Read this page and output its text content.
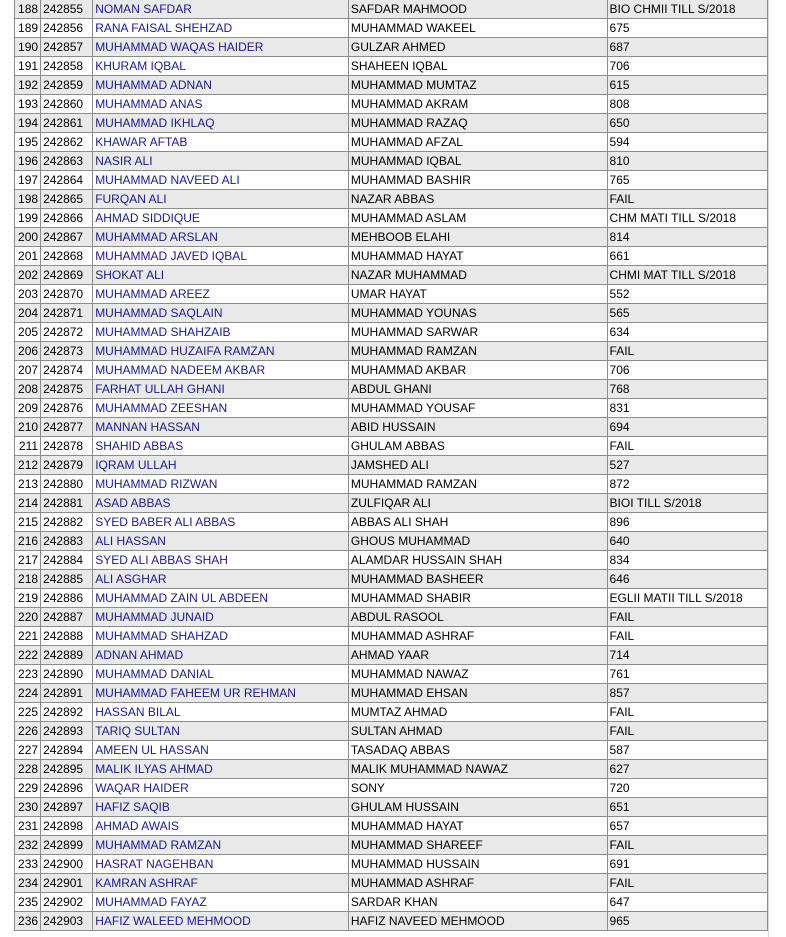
188	242855	NOMAN SAFDAR	SAFDAR MAHMOOD	BIO CHMII TILL S/2018
189	242856	RANA FAISAL SHEHZAD	MUHAMMAD WAKEEL	675
190	242857	MUHAMMAD WAQAS HAIDER	GULZAR AHMED	687
191	242858	KHURAM IQBAL	SHAHEEN IQBAL	706
192	242859	MUHAMMAD ADNAN	MUHAMMAD MUMTAZ	615
193	242860	MUHAMMAD ANAS	MUHAMMAD AKRAM	808
194	242861	MUHAMMAD IKHLAQ	MUHAMMAD RAZAQ	650
195	242862	KHAWAR AFTAB	MUHAMMAD AFZAL	594
196	242863	NASIR ALI	MUHAMMAD IQBAL	810
197	242864	MUHAMMAD NAVEED ALI	MUHAMMAD BASHIR	765
198	242865	FURQAN ALI	NAZAR ABBAS	FAIL
199	242866	AHMAD SIDDIQUE	MUHAMMAD ASLAM	CHM MATI TILL S/2018
200	242867	MUHAMMAD ARSLAN	MEHBOOB ELAHI	814
201	242868	MUHAMMAD JAVED IQBAL	MUHAMMAD HAYAT	661
202	242869	SHOKAT ALI	NAZAR MUHAMMAD	CHMI MAT TILL S/2018
203	242870	MUHAMMAD AREEZ	UMAR HAYAT	552
204	242871	MUHAMMAD SAQLAIN	MUHAMMAD YOUNAS	565
205	242872	MUHAMMAD SHAHZAIB	MUHAMMAD SARWAR	634
206	242873	MUHAMMAD HUZAIFA RAMZAN	MUHAMMAD RAMZAN	FAIL
207	242874	MUHAMMAD NADEEM AKBAR	MUHAMMAD AKBAR	706
208	242875	FARHAT ULLAH GHANI	ABDUL GHANI	768
209	242876	MUHAMMAD ZEESHAN	MUHAMMAD YOUSAF	831
210	242877	MANNAN HASSAN	ABID HUSSAIN	694
211	242878	SHAHID ABBAS	GHULAM ABBAS	FAIL
212	242879	IQRAM ULLAH	JAMSHED ALI	527
213	242880	MUHAMMAD RIZWAN	MUHAMMAD RAMZAN	872
214	242881	ASAD ABBAS	ZULFIQAR ALI	BIOI TILL S/2018
215	242882	SYED BABER ALI ABBAS	ABBAS ALI SHAH	896
216	242883	ALI HASSAN	GHOUS MUHAMMAD	640
217	242884	SYED ALI ABBAS SHAH	ALAMDAR HUSSAIN SHAH	834
218	242885	ALI ASGHAR	MUHAMMAD BASHEER	646
219	242886	MUHAMMAD ZAIN UL ABDEEN	MUHAMMAD SHABIR	EGLII MATII TILL S/2018
220	242887	MUHAMMAD JUNAID	ABDUL RASOOL	FAIL
221	242888	MUHAMMAD SHAHZAD	MUHAMMAD ASHRAF	FAIL
222	242889	ADNAN AHMAD	AHMAD YAAR	714
223	242890	MUHAMMAD DANIAL	MUHAMMAD NAWAZ	761
224	242891	MUHAMMAD FAHEEM UR REHMAN	MUHAMMAD EHSAN	857
225	242892	HASSAN BILAL	MUMTAZ AHMAD	FAIL
226	242893	TARIQ SULTAN	SULTAN AHMAD	FAIL
227	242894	AMEEN UL HASSAN	TASADAQ ABBAS	587
228	242895	MALIK ILYAS AHMAD	MALIK MUHAMMAD NAWAZ	627
229	242896	WAQAR HAIDER	SONY	720
230	242897	HAFIZ SAQIB	GHULAM HUSSAIN	651
231	242898	AHMAD AWAIS	MUHAMMAD HAYAT	657
232	242899	MUHAMMAD RAMZAN	MUHAMMAD SHAREEF	FAIL
233	242900	HASRAT NAGEHBAN	MUHAMMAD HUSSAIN	691
234	242901	KAMRAN ASHRAF	MUHAMMAD ASHRAF	FAIL
235	242902	MUHAMMAD FAYAZ	SARDAR KHAN	647
236	242903	HAFIZ WALEED MEHMOOD	HAFIZ NAVEED MEHMOOD	965
